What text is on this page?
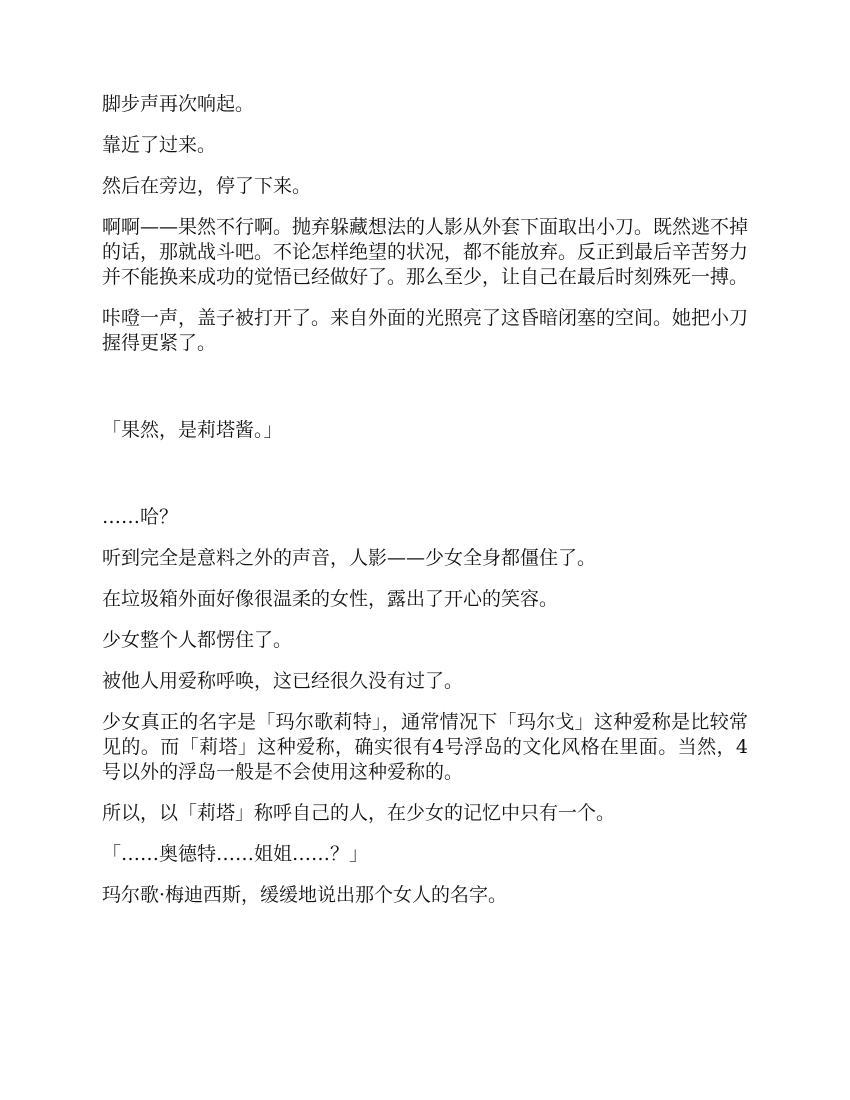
脚步声再次响起。

靠近了过来。

然后在旁边，停了下来。

啊啊——果然不行啊。抛弃躲藏想法的人影从外套下面取出小刀。既然逃不掉的话，那就战斗吧。不论怎样绝望的状况，都不能放弃。反正到最后辛苦努力并不能换来成功的觉悟已经做好了。那么至少，让自己在最后时刻殊死一搏。

咔噔一声，盖子被打开了。来自外面的光照亮了这昏暗闭塞的空间。她把小刀握得更紧了。

「果然，是莉塔酱。」

……哈？

听到完全是意料之外的声音，人影——少女全身都僵住了。

在垃圾箱外面好像很温柔的女性，露出了开心的笑容。

少女整个人都愣住了。

被他人用爱称呼唤，这已经很久没有过了。

少女真正的名字是「玛尔歌莉特」，通常情况下「玛尔戈」这种爱称是比较常见的。而「莉塔」这种爱称，确实很有4号浮岛的文化风格在里面。当然，4号以外的浮岛一般是不会使用这种爱称的。

所以，以「莉塔」称呼自己的人，在少女的记忆中只有一个。

「……奥德特……姐姐……？」

玛尔歌·梅迪西斯，缓缓地说出那个女人的名字。
